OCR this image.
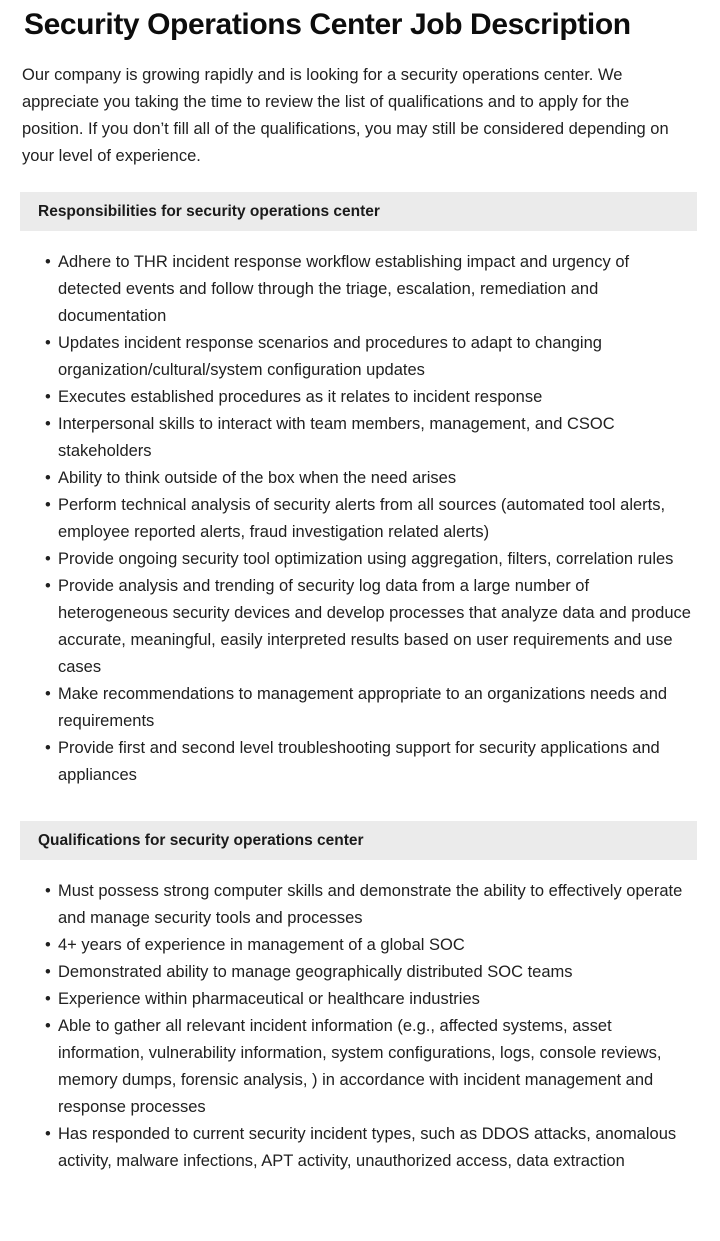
Security Operations Center Job Description

Our company is growing rapidly and is looking for a security operations center. We appreciate you taking the time to review the list of qualifications and to apply for the position. If you don’t fill all of the qualifications, you may still be considered depending on your level of experience.

Responsibilities for security operations center
• Adhere to THR incident response workflow establishing impact and urgency of detected events and follow through the triage, escalation, remediation and documentation
• Updates incident response scenarios and procedures to adapt to changing organization/cultural/system configuration updates
• Executes established procedures as it relates to incident response
• Interpersonal skills to interact with team members, management, and CSOC stakeholders
• Ability to think outside of the box when the need arises
• Perform technical analysis of security alerts from all sources (automated tool alerts, employee reported alerts, fraud investigation related alerts)
• Provide ongoing security tool optimization using aggregation, filters, correlation rules
• Provide analysis and trending of security log data from a large number of heterogeneous security devices and develop processes that analyze data and produce accurate, meaningful, easily interpreted results based on user requirements and use cases
• Make recommendations to management appropriate to an organizations needs and requirements
• Provide first and second level troubleshooting support for security applications and appliances
Qualifications for security operations center
• Must possess strong computer skills and demonstrate the ability to effectively operate and manage security tools and processes
• 4+ years of experience in management of a global SOC
• Demonstrated ability to manage geographically distributed SOC teams
• Experience within pharmaceutical or healthcare industries
• Able to gather all relevant incident information (e.g., affected systems, asset information, vulnerability information, system configurations, logs, console reviews, memory dumps, forensic analysis, ) in accordance with incident management and response processes
• Has responded to current security incident types, such as DDOS attacks, anomalous activity, malware infections, APT activity, unauthorized access, data extraction
